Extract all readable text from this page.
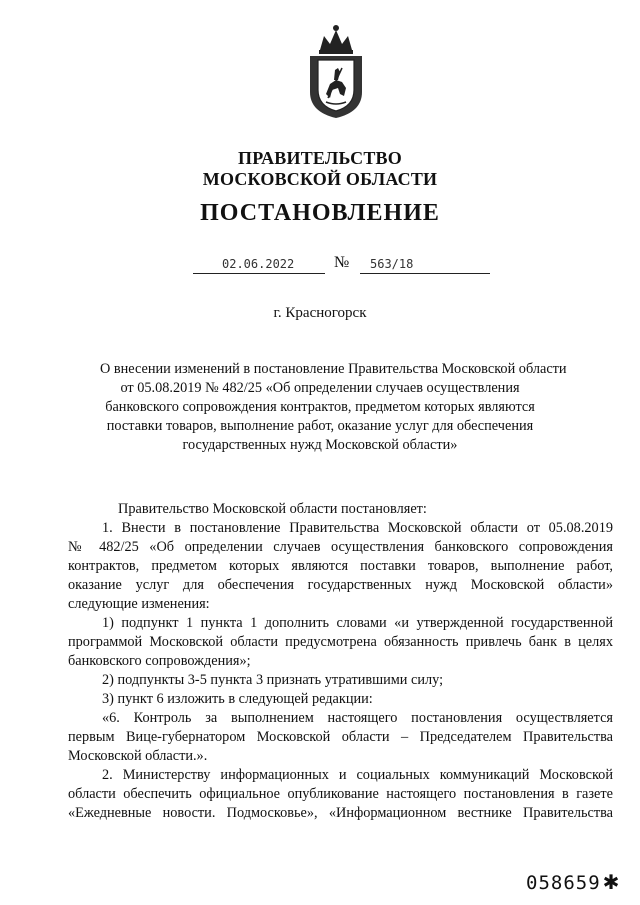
ПРАВИТЕЛЬСТВО
МОСКОВСКОЙ ОБЛАСТИ
ПОСТАНОВЛЕНИЕ
02.06.2022 № 563/18
г. Красногорск
О внесении изменений в постановление Правительства Московской области
от 05.08.2019 № 482/25 «Об определении случаев осуществления
банковского сопровождения контрактов, предметом которых являются
поставки товаров, выполнение работ, оказание услуг для обеспечения
государственных нужд Московской области»
Правительство Московской области постановляет:
1. Внести в постановление Правительства Московской области от 05.08.2019
№ 482/25 «Об определении случаев осуществления банковского сопровождения
контрактов, предметом которых являются поставки товаров, выполнение работ,
оказание услуг для обеспечения государственных нужд Московской области»
следующие изменения:
1) подпункт 1 пункта 1 дополнить словами «и утвержденной государственной
программой Московской области предусмотрена обязанность привлечь банк в целях
банковского сопровождения»;
2) подпункты 3-5 пункта 3 признать утратившими силу;
3) пункт 6 изложить в следующей редакции:
«6. Контроль за выполнением настоящего постановления осуществляется
первым Вице-губернатором Московской области – Председателем Правительства
Московской области.».
2. Министерству информационных и социальных коммуникаций Московской
области обеспечить официальное опубликование настоящего постановления в газете
«Ежедневные новости. Подмосковье», «Информационном вестнике Правительства
058659 ✱
